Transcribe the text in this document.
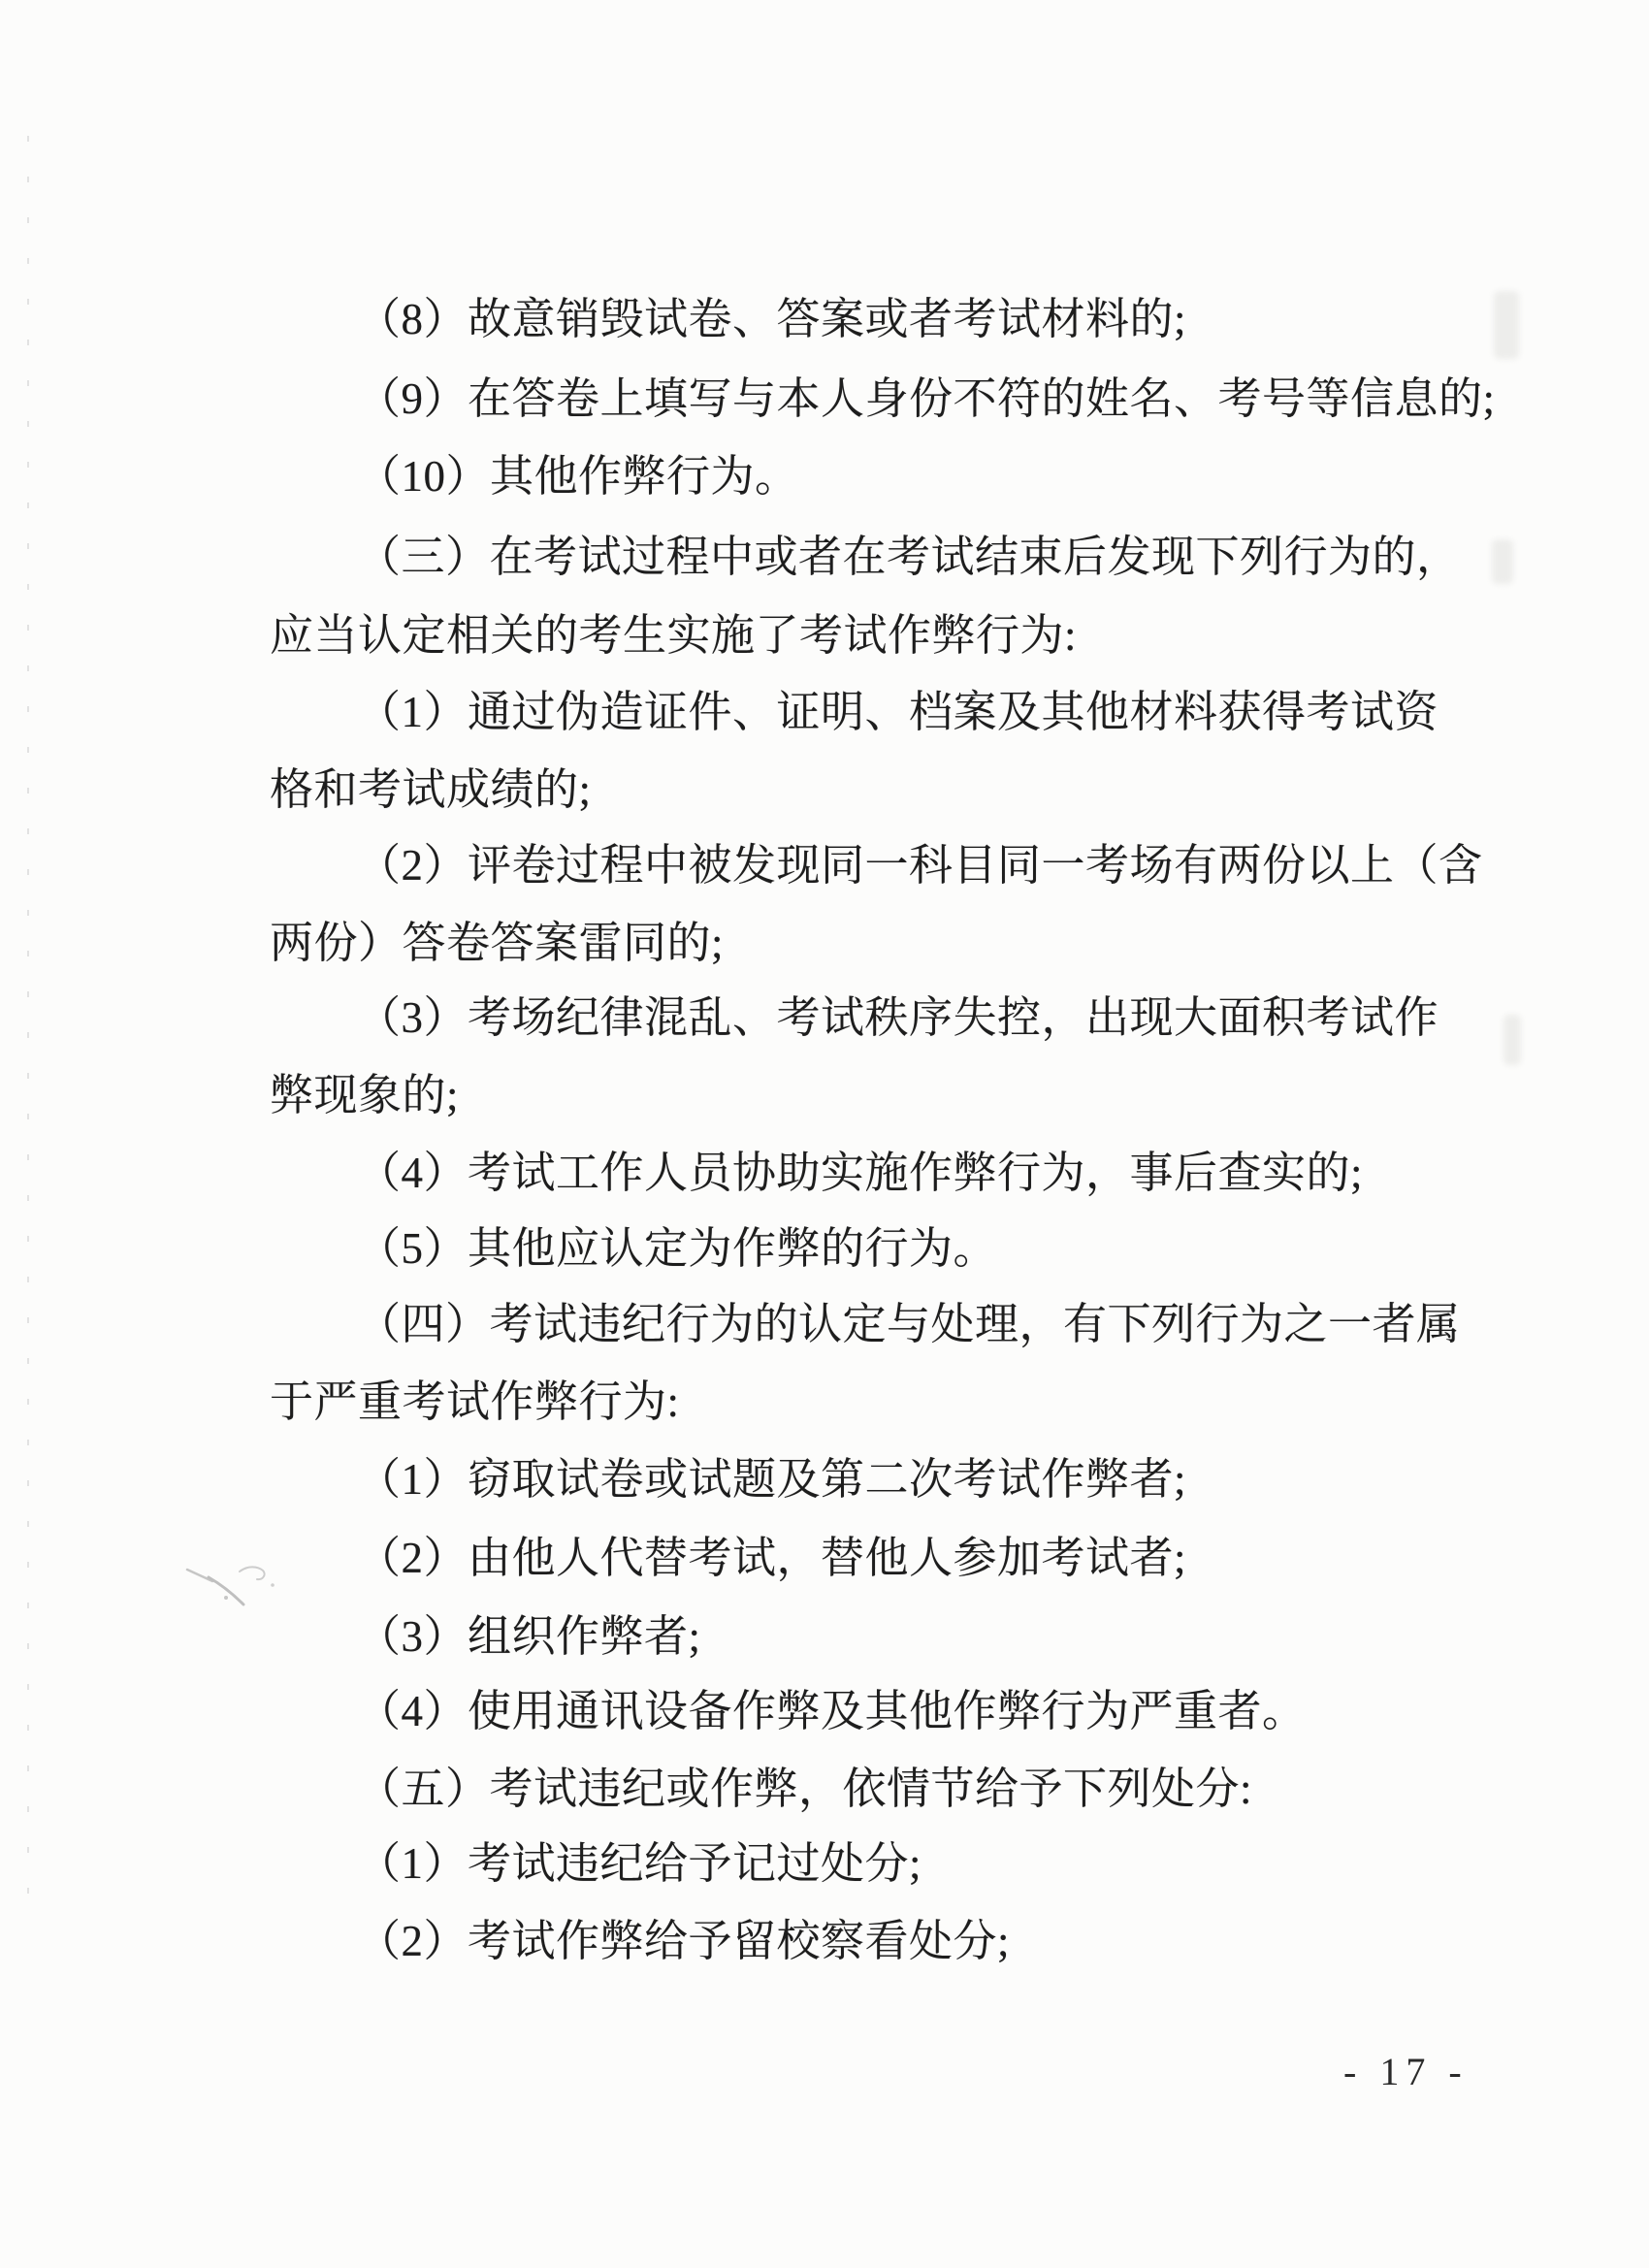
（8）故意销毁试卷、答案或者考试材料的;
（9）在答卷上填写与本人身份不符的姓名、考号等信息的;
（10）其他作弊行为。
（三）在考试过程中或者在考试结束后发现下列行为的，
应当认定相关的考生实施了考试作弊行为:
（1）通过伪造证件、证明、档案及其他材料获得考试资
格和考试成绩的;
（2）评卷过程中被发现同一科目同一考场有两份以上（含
两份）答卷答案雷同的;
（3）考场纪律混乱、考试秩序失控，出现大面积考试作
弊现象的;
（4）考试工作人员协助实施作弊行为，事后查实的;
（5）其他应认定为作弊的行为。
（四）考试违纪行为的认定与处理，有下列行为之一者属
于严重考试作弊行为:
（1）窃取试卷或试题及第二次考试作弊者;
（2）由他人代替考试，替他人参加考试者;
（3）组织作弊者;
（4）使用通讯设备作弊及其他作弊行为严重者。
（五）考试违纪或作弊，依情节给予下列处分:
（1）考试违纪给予记过处分;
（2）考试作弊给予留校察看处分;
- 17 -
